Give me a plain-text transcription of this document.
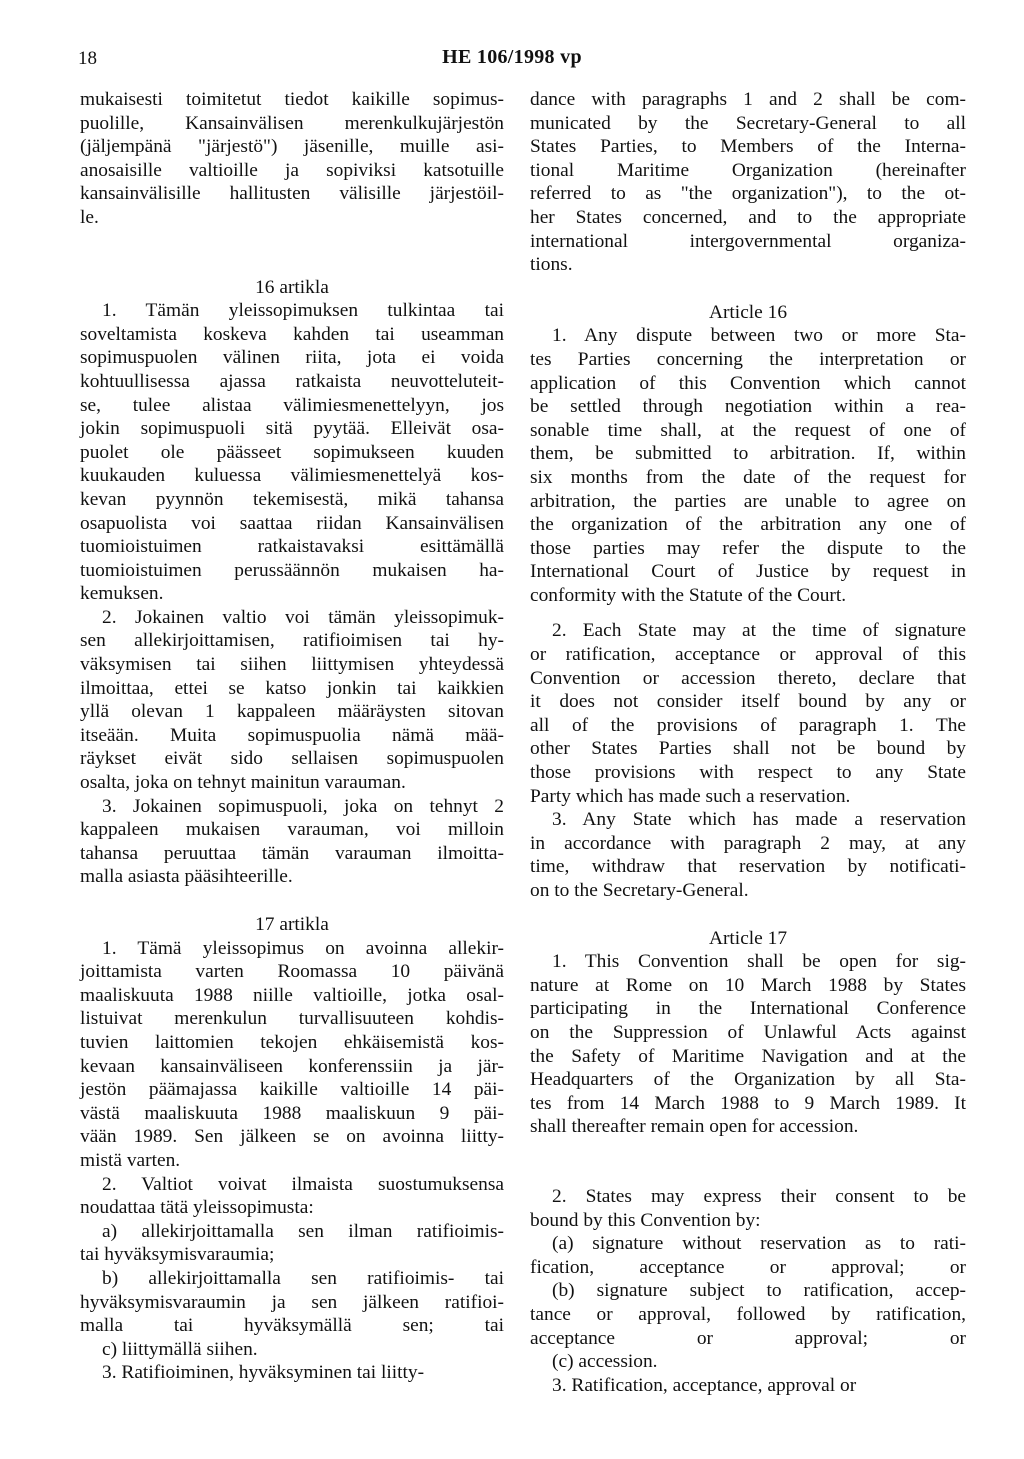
18	HE 106/1998 vp
mukaisesti toimitetut tiedot kaikille sopimus-
puolille, Kansainvälisen merenkulkujärjestön
(jäljempänä "järjestö") jäsenille, muille asi-
anosaisille valtioille ja sopiviksi katsotuille
kansainvälisille hallitusten välisille järjestöil-
le.
16 artikla
1. Tämän yleissopimuksen tulkintaa tai
soveltamista koskeva kahden tai useamman
sopimuspuolen välinen riita, jota ei voida
kohtuullisessa ajassa ratkaista neuvotteluteit-
se, tulee alistaa välimiesmenettelyyn, jos
jokin sopimuspuoli sitä pyytää. Elleivät osa-
puolet ole päässeet sopimukseen kuuden
kuukauden kuluessa välimiesmenettelyä kos-
kevan pyynnön tekemisestä, mikä tahansa
osapuolista voi saattaa riidan Kansainvälisen
tuomioistuimen ratkaistavaksi esittämällä
tuomioistuimen perussäännön mukaisen ha-
kemuksen.
2. Jokainen valtio voi tämän yleissopimuk-
sen allekirjoittamisen, ratifioimisen tai hy-
väksymisen tai siihen liittymisen yhteydessä
ilmoittaa, ettei se katso jonkin tai kaikkien
yllä olevan 1 kappaleen määräysten sitovan
itseään. Muita sopimuspuolia nämä mää-
räykset eivät sido sellaisen sopimuspuolen
osalta, joka on tehnyt mainitun varauman.
3. Jokainen sopimuspuoli, joka on tehnyt 2
kappaleen mukaisen varauman, voi milloin
tahansa peruuttaa tämän varauman ilmoitta-
malla asiasta pääsihteerille.
17 artikla
1. Tämä yleissopimus on avoinna allekir-
joittamista varten Roomassa 10 päivänä
maaliskuuta 1988 niille valtioille, jotka osal-
listuivat merenkulun turvallisuuteen kohdis-
tuvien laittomien tekojen ehkäisemistä kos-
kevaan kansainväliseen konferenssiin ja jär-
jestön päämajassa kaikille valtioille 14 päi-
västä maaliskuuta 1988 maaliskuun 9 päi-
vään 1989. Sen jälkeen se on avoinna liitty-
mistä varten.
2. Valtiot voivat ilmaista suostumuksensa
noudattaa tätä yleissopimusta:
a) allekirjoittamalla sen ilman ratifioimis-
tai hyväksymisvaraumia;
b) allekirjoittamalla sen ratifioimis- tai
hyväksymisvaraumin ja sen jälkeen ratifioi-
malla tai hyväksymällä sen; tai
c) liittymällä siihen.
3. Ratifioiminen, hyväksyminen tai liitty-
dance with paragraphs 1 and 2 shall be com-
municated by the Secretary-General to all
States Parties, to Members of the Interna-
tional Maritime Organization (hereinafter
referred to as "the organization"), to the ot-
her States concerned, and to the appropriate
international intergovernmental organiza-
tions.
Article 16
1. Any dispute between two or more Sta-
tes Parties concerning the interpretation or
application of this Convention which cannot
be settled through negotiation within a rea-
sonable time shall, at the request of one of
them, be submitted to arbitration. If, within
six months from the date of the request for
arbitration, the parties are unable to agree on
the organization of the arbitration any one of
those parties may refer the dispute to the
International Court of Justice by request in
conformity with the Statute of the Court.
2. Each State may at the time of signature
or ratification, acceptance or approval of this
Convention or accession thereto, declare that
it does not consider itself bound by any or
all of the provisions of paragraph 1. The
other States Parties shall not be bound by
those provisions with respect to any State
Party which has made such a reservation.
3. Any State which has made a reservation
in accordance with paragraph 2 may, at any
time, withdraw that reservation by notificati-
on to the Secretary-General.
Article 17
1. This Convention shall be open for sig-
nature at Rome on 10 March 1988 by States
participating in the International Conference
on the Suppression of Unlawful Acts against
the Safety of Maritime Navigation and at the
Headquarters of the Organization by all Sta-
tes from 14 March 1988 to 9 March 1989. It
shall thereafter remain open for accession.
2. States may express their consent to be
bound by this Convention by:
(a) signature without reservation as to rati-
fication, acceptance or approval; or
(b) signature subject to ratification, accep-
tance or approval, followed by ratification,
acceptance or approval; or
(c) accession.
3. Ratification, acceptance, approval or
